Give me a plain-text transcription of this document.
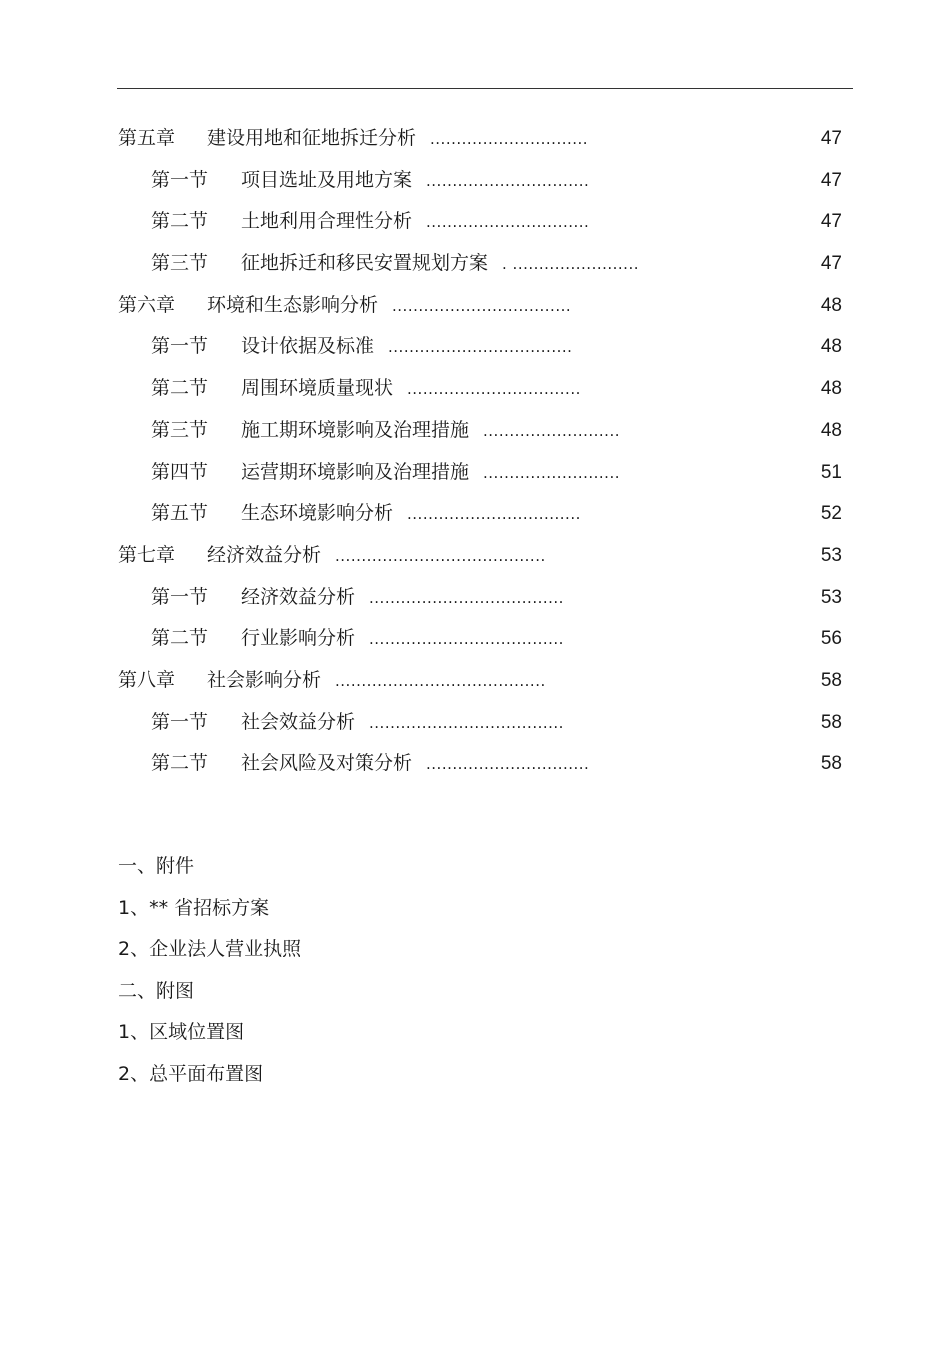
第五章 建设用地和征地拆迁分析 ..............................	47
第一节 项目选址及用地方案 ...............................	47
第二节 土地利用合理性分析 ...............................	47
第三节 征地拆迁和移民安置规划方案 . ........................	47
第六章 环境和生态影响分析 ..................................	48
第一节 设计依据及标准 ...................................	48
第二节 周围环境质量现状 .................................	48
第三节 施工期环境影响及治理措施 ..........................	48
第四节 运营期环境影响及治理措施 ..........................	51
第五节 生态环境影响分析 .................................	52
第七章 经济效益分析 ........................................	53
第一节 经济效益分析 .....................................	53
第二节 行业影响分析 .....................................	56
第八章 社会影响分析 ........................................	58
第一节 社会效益分析 .....................................	58
第二节 社会风险及对策分析 ...............................	58
一、附件
1、** 省招标方案
2、企业法人营业执照
二、附图
1、区域位置图
2、总平面布置图
